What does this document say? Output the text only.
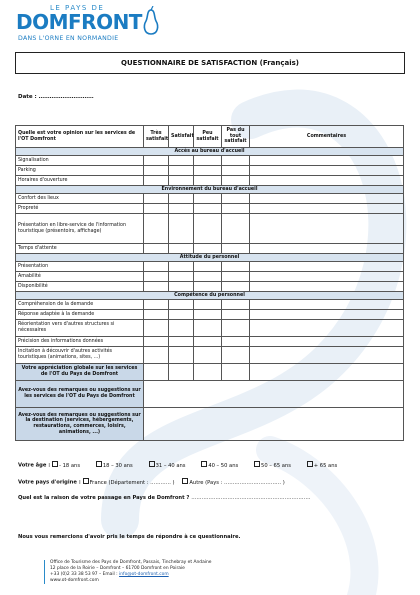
LE PAYS DE
DOMFRONT
DANS L'ORNE EN NORMANDIE
QUESTIONNAIRE DE SATISFACTION (Français)
Date : …………………………
Quelle est votre opinion sur les services de l'OT Domfront	Très satisfait	Satisfait	Peu satisfait	Pas du tout satisfait	Commentaires
Accès au bureau d'accueil					
Signalisation					
Parking					
Horaires d'ouverture					
Environnement du bureau d'accueil					
Confort des lieux					
Propreté					
Présentation en libre-service de l'information touristique (présentoirs, affichage)					
Temps d'attente					
Attitude du personnel					
Présentation					
Amabilité					
Disponibilité					
Compétence du personnel					
Compréhension de la demande					
Réponse adaptée à la demande					
Réorientation vers d'autres structures si nécessaires					
Précision des informations données					
Incitation à découvrir d'autres activités touristiques (animations, sites, ...)					
Votre appréciation globale sur les services de l'OT du Pays de Domfront					
Avez-vous des remarques ou suggestions sur les services de l'OT du Pays de Domfront					
Avez-vous des remarques ou suggestions sur la destination (services, hébergements, restaurations, commerces, loisirs, animations, ...)					
Votre âge : - 18 ans	18 – 30 ans	31 – 40 ans	40 – 50 ans	50 – 65 ans	+ 65 ans
Votre pays d'origine : France (Département : ………… )	Autre (Pays : …………………………… )
Quel est la raison de votre passage en Pays de Domfront ? ……………………………………………………………
Nous vous remercions d'avoir pris le temps de répondre à ce questionnaire.
Office de Tourisme des Pays de Domfront, Passais, Tinchebray et Andaine
12 place de la Roirie – Domfront – 61700 Domfront en Poiraie
+33 (0)2 33 38 53 97 – Email : info@ot-domfront.com
www.ot-domfront.com
